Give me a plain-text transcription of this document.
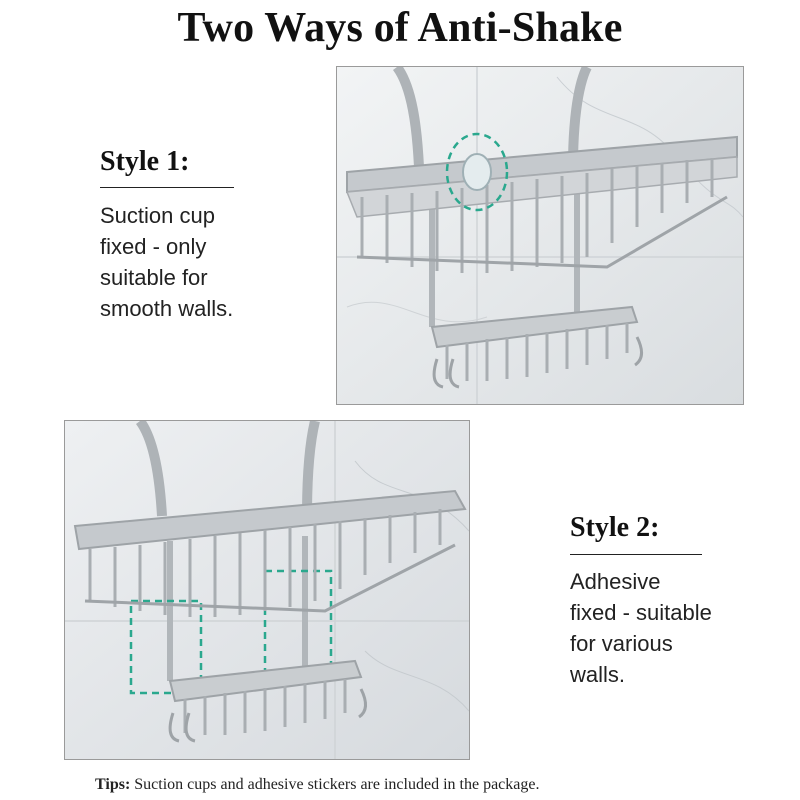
Two Ways of Anti-Shake
Style 1:
Suction cup
fixed - only
suitable for
smooth walls.
Style 2:
Adhesive
fixed - suitable
for various
walls.
Tips: Suction cups and adhesive stickers are included in the package.
